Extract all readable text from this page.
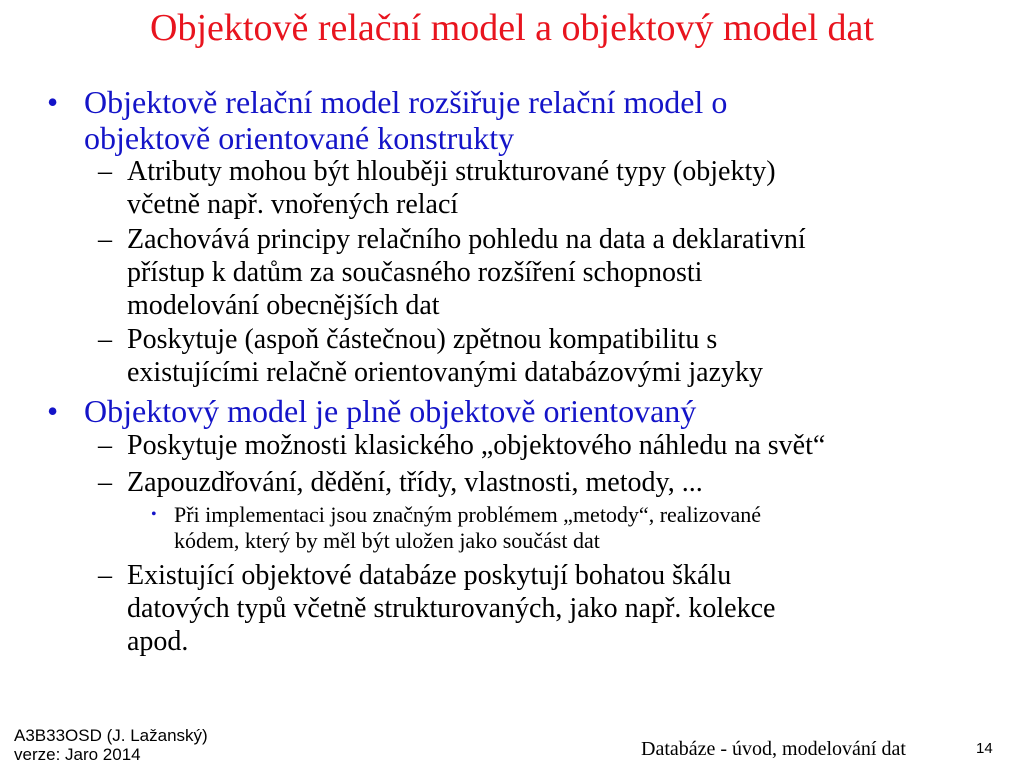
Objektově relační model a objektový model dat
• Objektově relační model rozšiřuje relační model o
objektově orientované konstrukty
– Atributy mohou být hlouběji strukturované typy (objekty)
včetně např. vnořených relací
– Zachovává principy relačního pohledu na data a deklarativní
přístup k datům za současného rozšíření schopnosti
modelování obecnějších dat
– Poskytuje (aspoň částečnou) zpětnou kompatibilitu s
existujícími relačně orientovanými databázovými jazyky
• Objektový model je plně objektově orientovaný
– Poskytuje možnosti klasického „objektového náhledu na svět“
– Zapouzdřování, dědění, třídy, vlastnosti, metody, ...
• Při implementaci jsou značným problémem „metody“, realizované
kódem, který by měl být uložen jako součást dat
– Existující objektové databáze poskytují bohatou škálu
datových typů včetně strukturovaných, jako např. kolekce
apod.
A3B33OSD (J. Lažanský)
verze: Jaro 2014	Databáze - úvod, modelování dat	14
